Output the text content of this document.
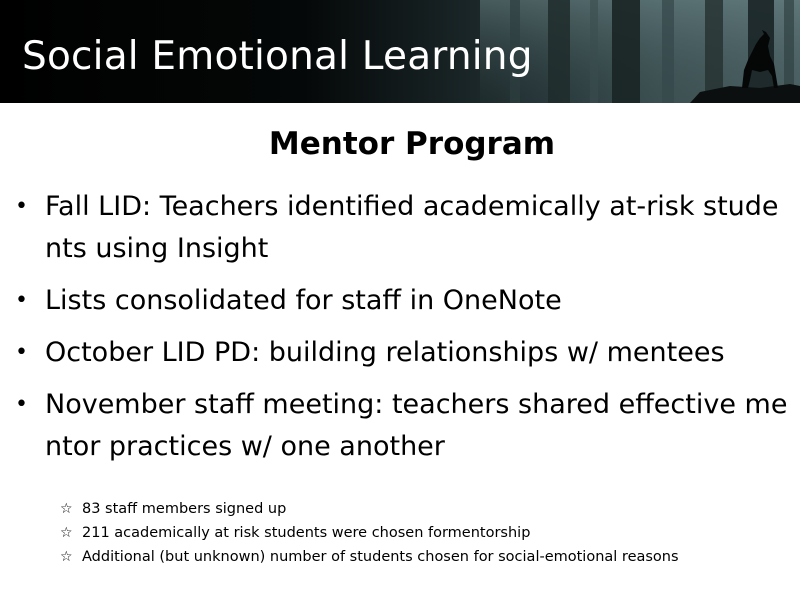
Social Emotional Learning
Mentor Program
• Fall LID: Teachers identified academically at-risk students using Insight
• Lists consolidated for staff in OneNote
• October LID PD: building relationships w/ mentees
• November staff meeting: teachers shared effective mentor practices w/ one another
☆ 83 staff members signed up
☆ 211 academically at risk students were chosen formentorship
☆ Additional (but unknown) number of students chosen for social-emotional reasons
